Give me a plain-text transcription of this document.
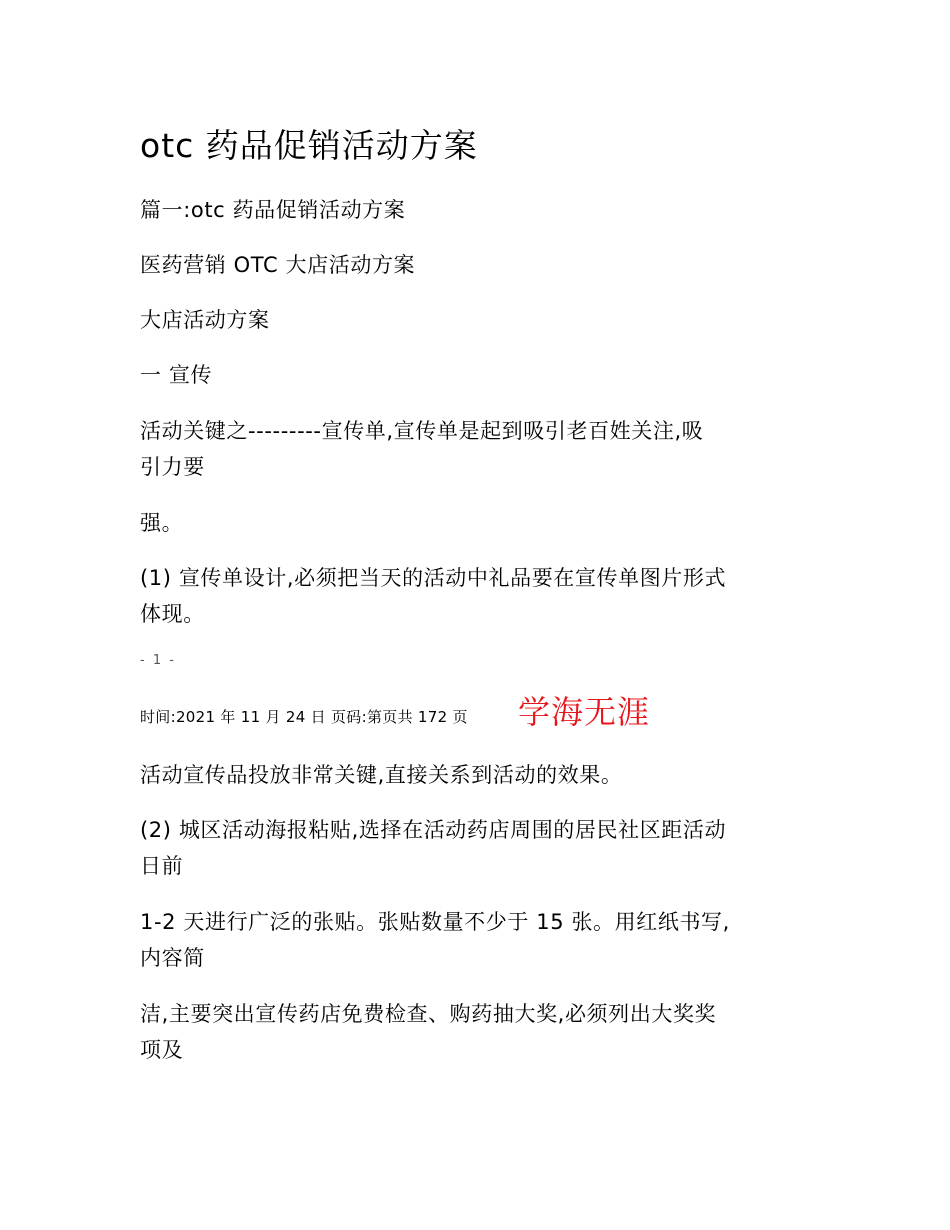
otc 药品促销活动方案
篇一:otc 药品促销活动方案
医药营销 OTC 大店活动方案
大店活动方案
一 宣传
活动关键之---------宣传单,宣传单是起到吸引老百姓关注,吸
引力要
强。
(1) 宣传单设计,必须把当天的活动中礼品要在宣传单图片形式
体现。
- 1 -
时间:2021 年 11 月 24 日 页码:第页共 172 页 学海无涯
活动宣传品投放非常关键,直接关系到活动的效果。
(2) 城区活动海报粘贴,选择在活动药店周围的居民社区距活动
日前
1-2 天进行广泛的张贴。张贴数量不少于 15 张。用红纸书写,
内容简
洁,主要突出宣传药店免费检查、购药抽大奖,必须列出大奖奖
项及
